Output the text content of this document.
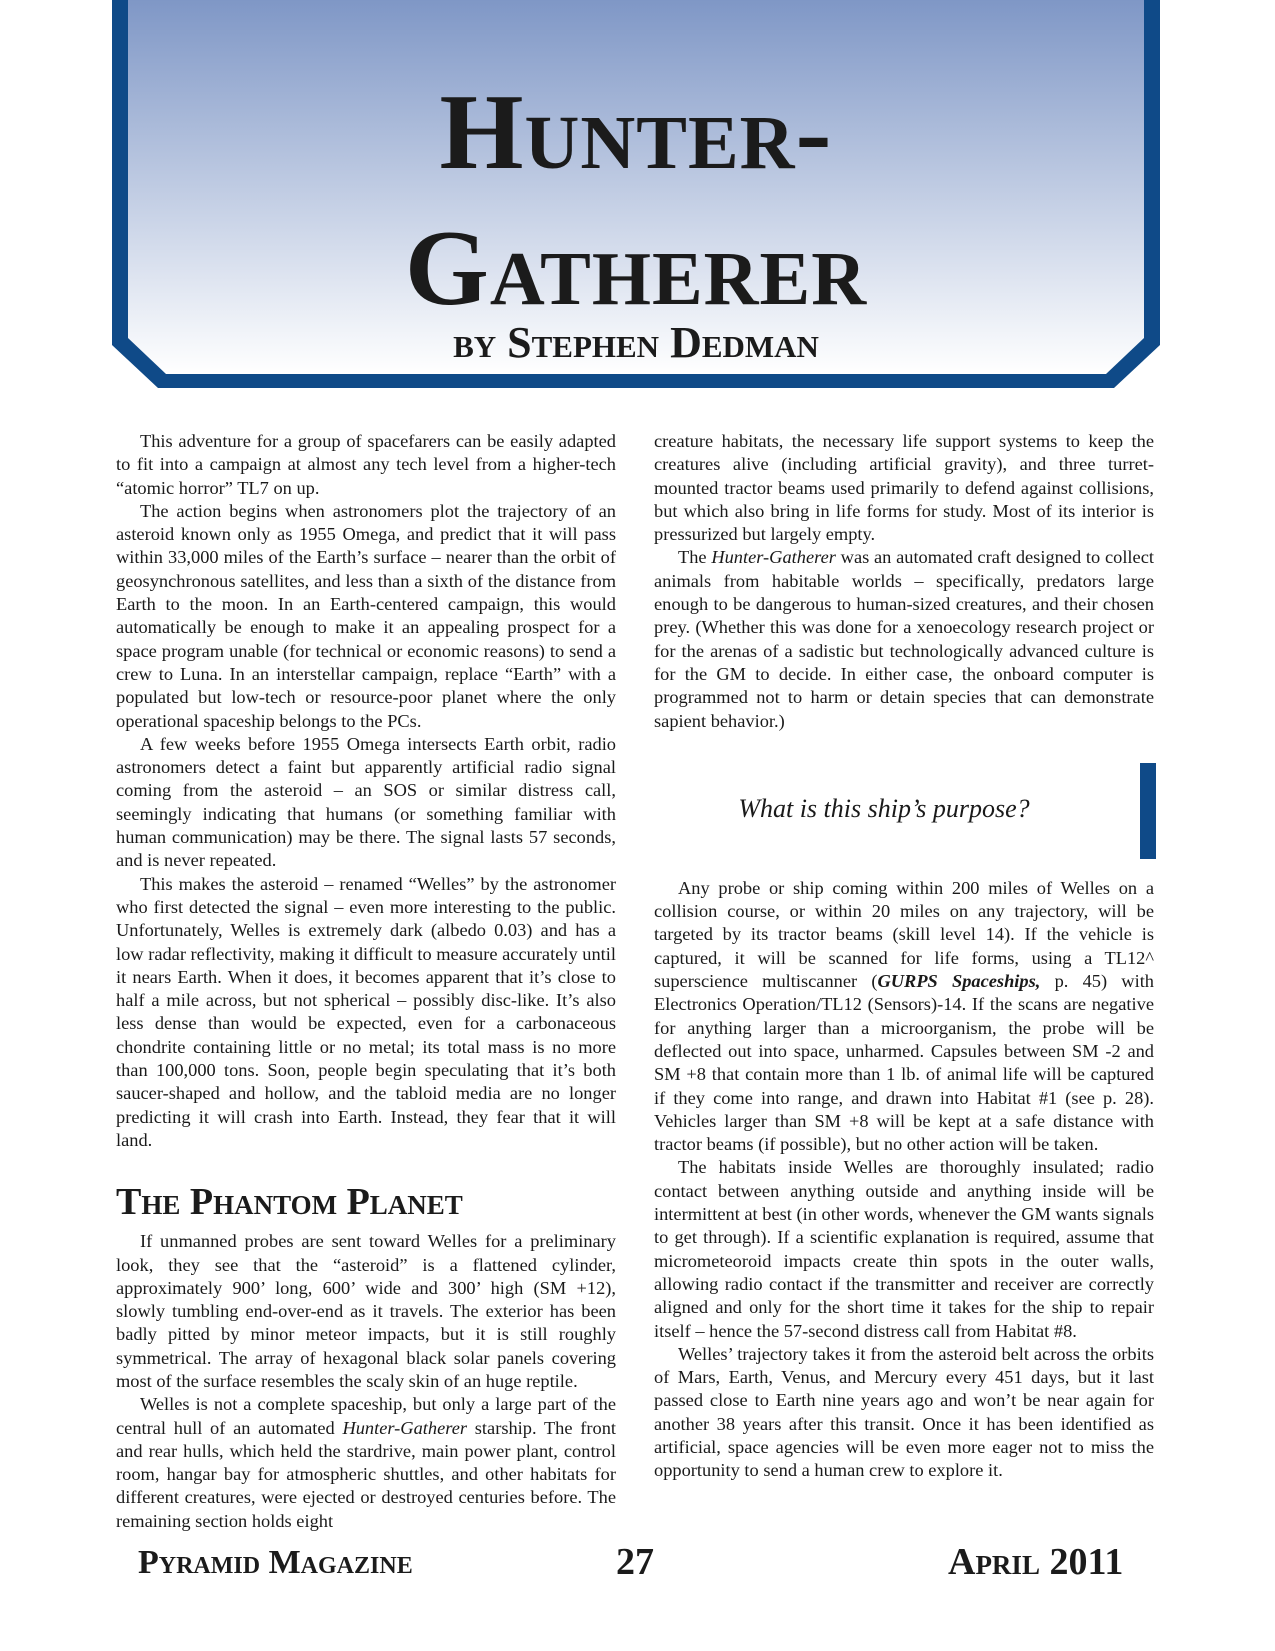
Hunter-
Gatherer
by Stephen Dedman

This adventure for a group of spacefarers can be easily adapted to fit into a campaign at almost any tech level from a higher-tech “atomic horror” TL7 on up.

The action begins when astronomers plot the trajectory of an asteroid known only as 1955 Omega, and predict that it will pass within 33,000 miles of the Earth’s surface – nearer than the orbit of geosynchronous satellites, and less than a sixth of the distance from Earth to the moon. In an Earth-centered campaign, this would automatically be enough to make it an appealing prospect for a space program unable (for technical or economic reasons) to send a crew to Luna. In an interstellar campaign, replace “Earth” with a populated but low-tech or resource-poor planet where the only operational spaceship belongs to the PCs.

A few weeks before 1955 Omega intersects Earth orbit, radio astronomers detect a faint but apparently artificial radio signal coming from the asteroid – an SOS or similar distress call, seemingly indicating that humans (or something familiar with human communication) may be there. The signal lasts 57 seconds, and is never repeated.

This makes the asteroid – renamed “Welles” by the astronomer who first detected the signal – even more interesting to the public. Unfortunately, Welles is extremely dark (albedo 0.03) and has a low radar reflectivity, making it difficult to measure accurately until it nears Earth. When it does, it becomes apparent that it’s close to half a mile across, but not spherical – possibly disc-like. It’s also less dense than would be expected, even for a carbonaceous chondrite containing little or no metal; its total mass is no more than 100,000 tons. Soon, people begin speculating that it’s both saucer-shaped and hollow, and the tabloid media are no longer predicting it will crash into Earth. Instead, they fear that it will land.

The Phantom Planet

If unmanned probes are sent toward Welles for a preliminary look, they see that the “asteroid” is a flattened cylinder, approximately 900’ long, 600’ wide and 300’ high (SM +12), slowly tumbling end-over-end as it travels. The exterior has been badly pitted by minor meteor impacts, but it is still roughly symmetrical. The array of hexagonal black solar panels covering most of the surface resembles the scaly skin of an huge reptile.

Welles is not a complete spaceship, but only a large part of the central hull of an automated Hunter-Gatherer starship. The front and rear hulls, which held the stardrive, main power plant, control room, hangar bay for atmospheric shuttles, and other habitats for different creatures, were ejected or destroyed centuries before. The remaining section holds eight

creature habitats, the necessary life support systems to keep the creatures alive (including artificial gravity), and three turret-mounted tractor beams used primarily to defend against collisions, but which also bring in life forms for study. Most of its interior is pressurized but largely empty.

The Hunter-Gatherer was an automated craft designed to collect animals from habitable worlds – specifically, predators large enough to be dangerous to human-sized creatures, and their chosen prey. (Whether this was done for a xenoecology research project or for the arenas of a sadistic but technologically advanced culture is for the GM to decide. In either case, the onboard computer is programmed not to harm or detain species that can demonstrate sapient behavior.)

What is this ship’s purpose?

Any probe or ship coming within 200 miles of Welles on a collision course, or within 20 miles on any trajectory, will be targeted by its tractor beams (skill level 14). If the vehicle is captured, it will be scanned for life forms, using a TL12^ superscience multiscanner (GURPS Spaceships, p. 45) with Electronics Operation/TL12 (Sensors)-14. If the scans are negative for anything larger than a microorganism, the probe will be deflected out into space, unharmed. Capsules between SM -2 and SM +8 that contain more than 1 lb. of animal life will be captured if they come into range, and drawn into Habitat #1 (see p. 28). Vehicles larger than SM +8 will be kept at a safe distance with tractor beams (if possible), but no other action will be taken.

The habitats inside Welles are thoroughly insulated; radio contact between anything outside and anything inside will be intermittent at best (in other words, whenever the GM wants signals to get through). If a scientific explanation is required, assume that micrometeoroid impacts create thin spots in the outer walls, allowing radio contact if the transmitter and receiver are correctly aligned and only for the short time it takes for the ship to repair itself – hence the 57-second distress call from Habitat #8.

Welles’ trajectory takes it from the asteroid belt across the orbits of Mars, Earth, Venus, and Mercury every 451 days, but it last passed close to Earth nine years ago and won’t be near again for another 38 years after this transit. Once it has been identified as artificial, space agencies will be even more eager not to miss the opportunity to send a human crew to explore it.

Pyramid Magazine	27	April 2011
